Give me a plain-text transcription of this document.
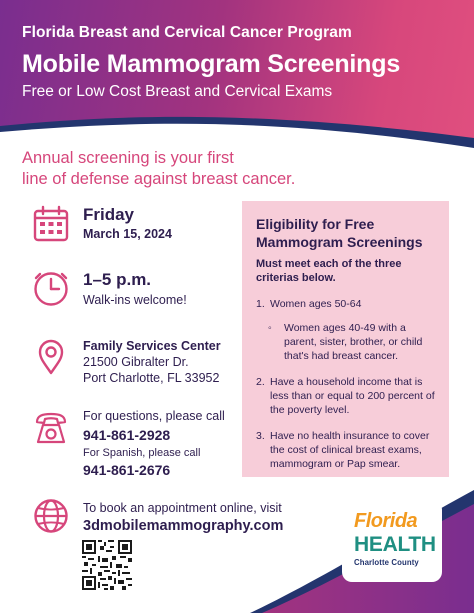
Florida Breast and Cervical Cancer Program
Mobile Mammogram Screenings
Free or Low Cost Breast and Cervical Exams
Annual screening is your first
line of defense against breast cancer.
Friday
March 15, 2024
1–5 p.m.
Walk-ins welcome!
Family Services Center
21500 Gibralter Dr.
Port Charlotte, FL 33952
For questions, please call
941-861-2928
For Spanish, please call
941-861-2676
Eligibility for Free
Mammogram Screenings
Must meet each of the three criterias below.
1. Women ages 50-64
◦	Women ages 40-49 with a parent, sister, brother, or child that's had breast cancer.
2. Have a household income that is less than or equal to 200 percent of the poverty level.
3. Have no health insurance to cover the cost of clinical breast exams, mammogram or Pap smear.
Florida
HEALTH
Charlotte County
To book an appointment online, visit
3dmobilemammography.com
